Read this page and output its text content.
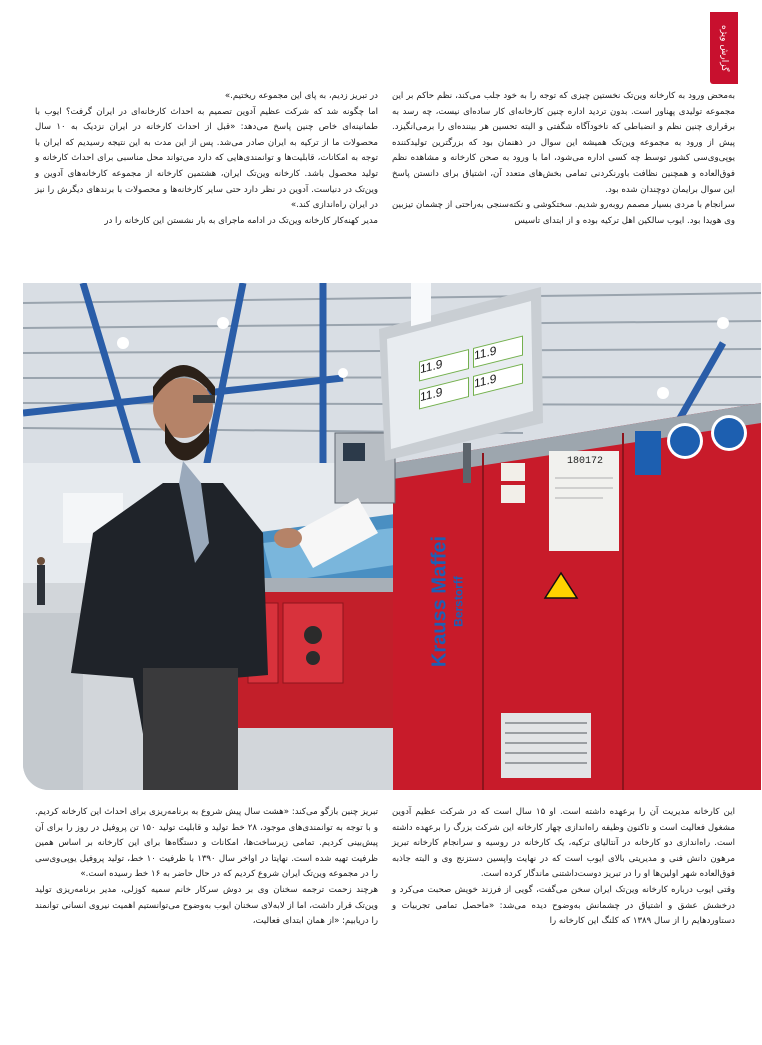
گزارش ویژه

به‌محض ورود به کارخانه وین‌تک نخستین چیزی که توجه را به خود جلب می‌کند، نظم حاکم بر این مجموعه تولیدی پهناور است. بدون تردید اداره چنین کارخانه‌ای کار ساده‌ای نیست، چه رسد به برقراری چنین نظم و انضباطی که ناخودآگاه شگفتی و البته تحسین هر بیننده‌ای را برمی‌انگیزد. پیش از ورود به مجموعه وین‌تک همیشه این سوال در ذهنمان بود که بزرگترین تولیدکننده یوپی‌وی‌سی کشور توسط چه کسی اداره می‌شود، اما با ورود به صحن کارخانه و مشاهده نظم فوق‌العاده و همچنین نظافت باورنکردنی تمامی بخش‌های متعدد آن، اشتیاق برای دانستن پاسخ این سوال برایمان دوچندان شده بود.

سرانجام با مردی بسیار مصمم روبه‌رو شدیم. سختکوشی و نکته‌سنجی به‌راحتی از چشمان تیزبین وی هویدا بود. ایوب سالکین اهل ترکیه بوده و از ابتدای تاسیس

در تبریز زدیم، به پای این مجموعه ریختیم.»

اما چگونه شد که شرکت عظیم آدوین تصمیم به احداث کارخانه‌ای در ایران گرفت؟ ایوب با طمانینه‌ای خاص چنین پاسخ می‌دهد: «قبل از احداث کارخانه در ایران نزدیک به ۱۰ سال محصولات ما از ترکیه به ایران صادر می‌شد. پس از این مدت به این نتیجه رسیدیم که ایران با توجه به امکانات، قابلیت‌ها و توانمندی‌هایی که دارد می‌تواند محل مناسبی برای احداث کارخانه و تولید محصول باشد. کارخانه وین‌تک ایران، هشتمین کارخانه از مجموعه کارخانه‌های آدوین و وین‌تک در دنیاست. آدوین در نظر دارد حتی سایر کارخانه‌ها و محصولات با برندهای دیگرش را نیز در ایران راه‌اندازی کند.»

مدیر کهنه‌کار کارخانه وین‌تک در ادامه ماجرای به بار نشستن این کارخانه را در

11.9
11.9
11.9
11.9
180172
Krauss Maffei Berstorff

این کارخانه مدیریت آن را برعهده داشته است. او ۱۵ سال است که در شرکت عظیم آدوین مشغول فعالیت است و تاکنون وظیفه راه‌اندازی چهار کارخانه این شرکت بزرگ را برعهده داشته است. راه‌اندازی دو کارخانه در آنتالیای ترکیه، یک کارخانه در روسیه و سرانجام کارخانه تبریز مرهون دانش فنی و مدیریتی بالای ایوب است که در نهایت واپسین دستزنج وی و البته جاذبه فوق‌العاده شهر اولین‌ها او را در تبریز دوست‌داشتنی ماندگار کرده است.

وقتی ایوب درباره کارخانه وین‌تک ایران سخن می‌گفت، گویی از فرزند خویش صحبت می‌کرد و درخشش عشق و اشتیاق در چشمانش به‌وضوح دیده می‌شد: «ماحصل تمامی تجربیات و دستاوردهایم را از سال ۱۳۸۹ که کلنگ این کارخانه را

تبریز چنین بازگو می‌کند: «هشت سال پیش شروع به برنامه‌ریزی برای احداث این کارخانه کردیم. و با توجه به توانمندی‌های موجود، ۲۸ خط تولید و قابلیت تولید ۱۵۰ تن پروفیل در روز را برای آن پیش‌بینی کردیم. تمامی زیرساخت‌ها، امکانات و دستگاه‌ها برای این کارخانه بر اساس همین ظرفیت تهیه شده است. نهایتا در اواخر سال ۱۳۹۰ با ظرفیت ۱۰ خط، تولید پروفیل یوپی‌وی‌سی را در مجموعه وین‌تک ایران شروع کردیم که در حال حاضر به ۱۶ خط رسیده است.»

هرچند زحمت ترجمه سخنان وی بر دوش سرکار خانم سمیه کوزلی، مدیر برنامه‌ریزی تولید وین‌تک قرار داشت، اما از لابه‌لای سخنان ایوب به‌وضوح می‌توانستیم اهمیت نیروی انسانی توانمند را دریابیم: «از همان ابتدای فعالیت،
